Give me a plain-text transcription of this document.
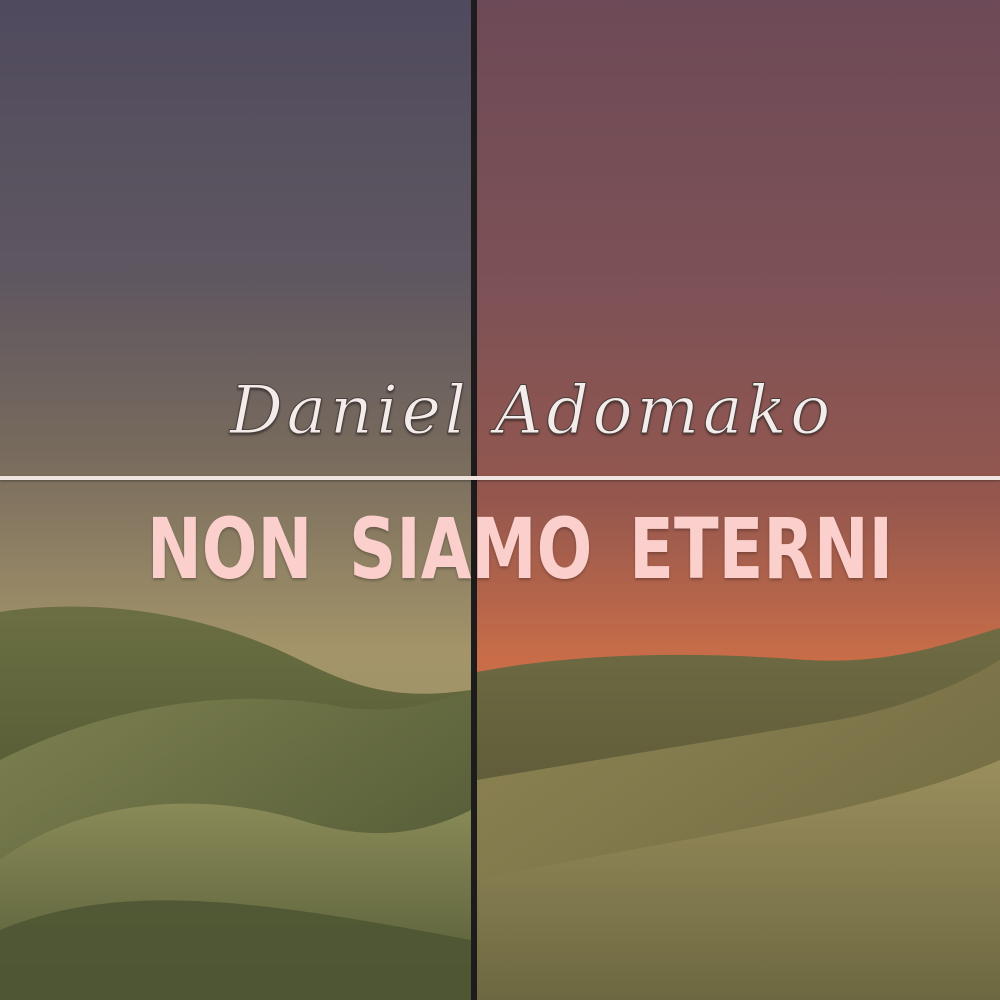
Daniel Adomako
NON SIAMO ETERNI
